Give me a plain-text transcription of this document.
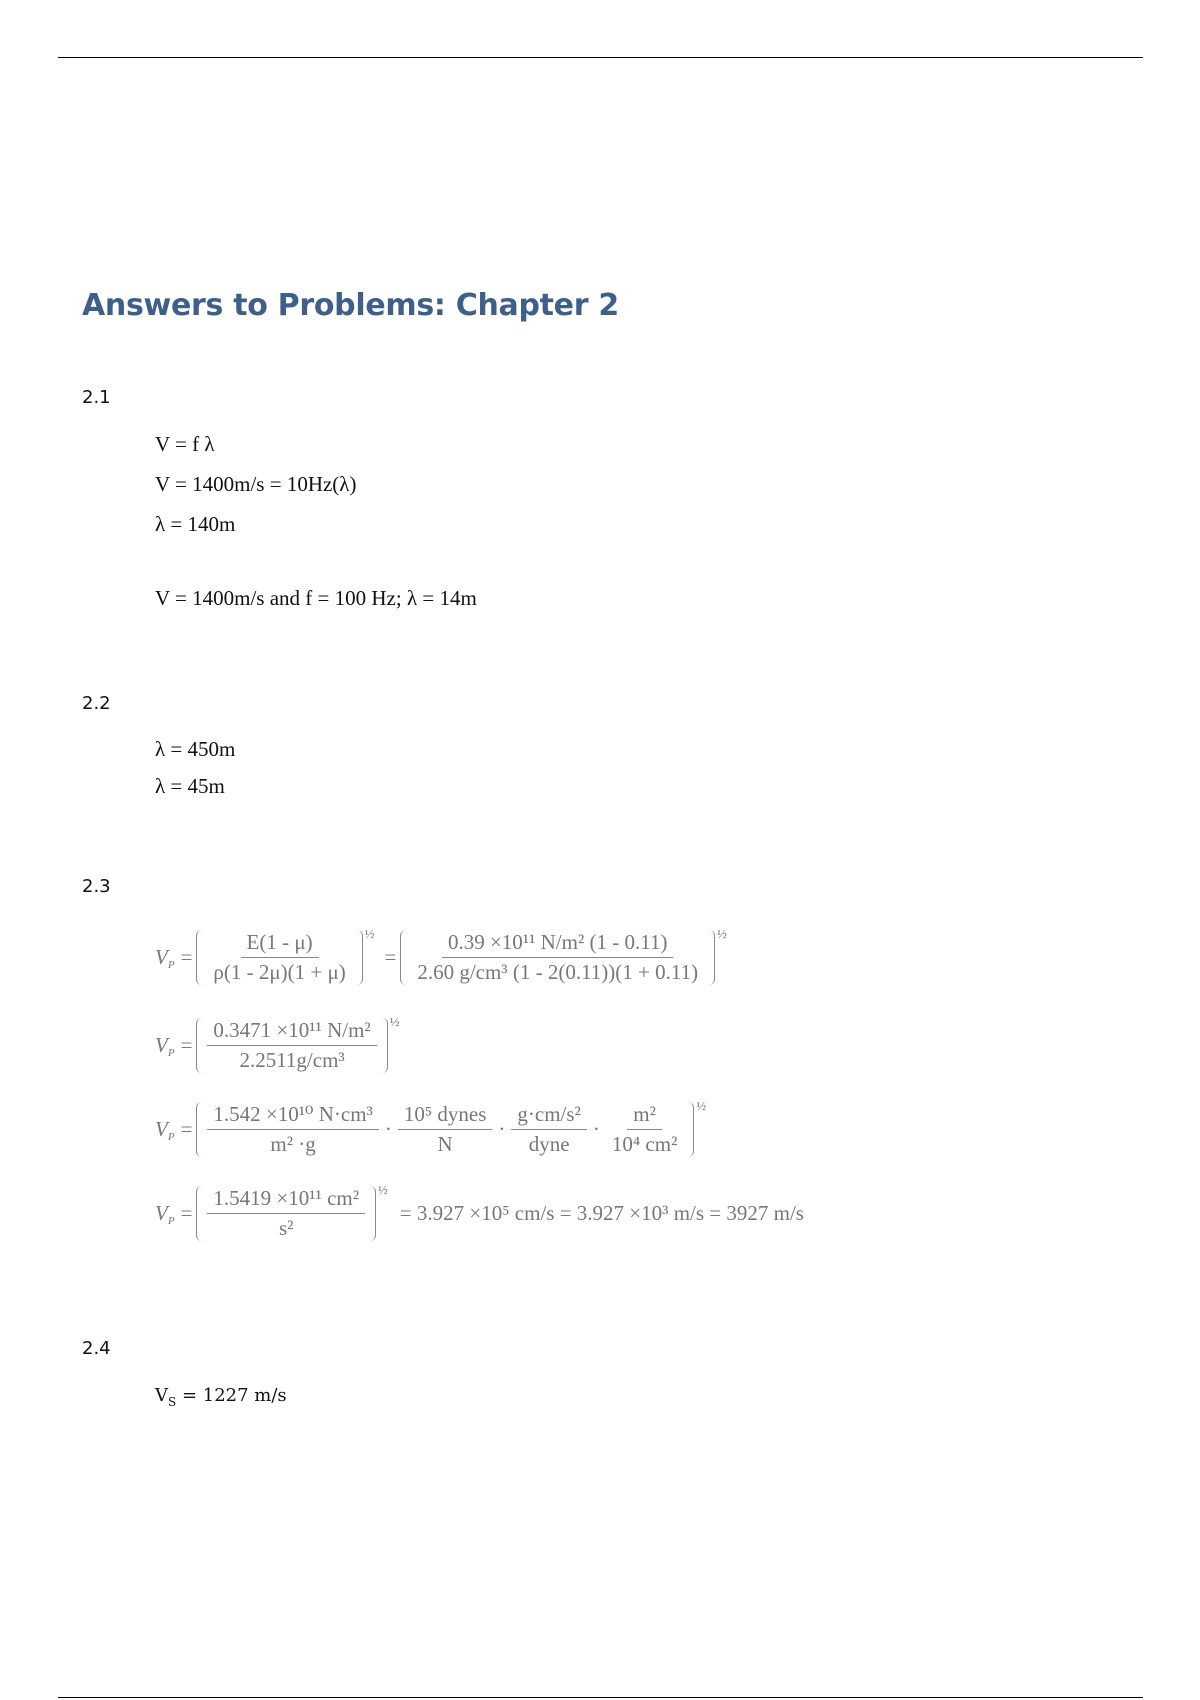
Answers to Problems: Chapter 2
2.1
V = f λ
V = 1400m/s = 10Hz(λ)
λ = 140m
V = 1400m/s and f = 100 Hz; λ = 14m
2.2
λ = 450m
λ = 45m
2.3
$V_P = \frac{E(1 - \mu)}{\rho(1 - 2\mu)(1 + \mu)}$ ½
= $\frac{\text{0.39 ×10¹¹ N/m² (1 - 0.11)}}{\text{2.60 g/cm³ (1 - 2(0.11))(1 + 0.11)}}$ ½
$V_P = \frac{\text{0.3471 ×10¹¹ N/m²}}{\text{2.2511g/cm³}}$ ½
$V_P = \frac{\text{1.542 ×10¹⁰ N·cm³}}{\text{m² ·g}} \cdot \frac{\text{10⁵ dynes}}{N} \cdot \frac{\text{g·cm/s²}}{\text{dyne}} \cdot \frac{\text{m²}}{\text{10⁴ cm²}}$ ½
$V_P = \frac{\text{1.5419 ×10¹¹ cm²}}{\text{s²}}$ ½
= 3.927 ×10⁵ cm/s = 3.927 ×10³ m/s = 3927 m/s
2.4
$V_S = 1227$ m/s
